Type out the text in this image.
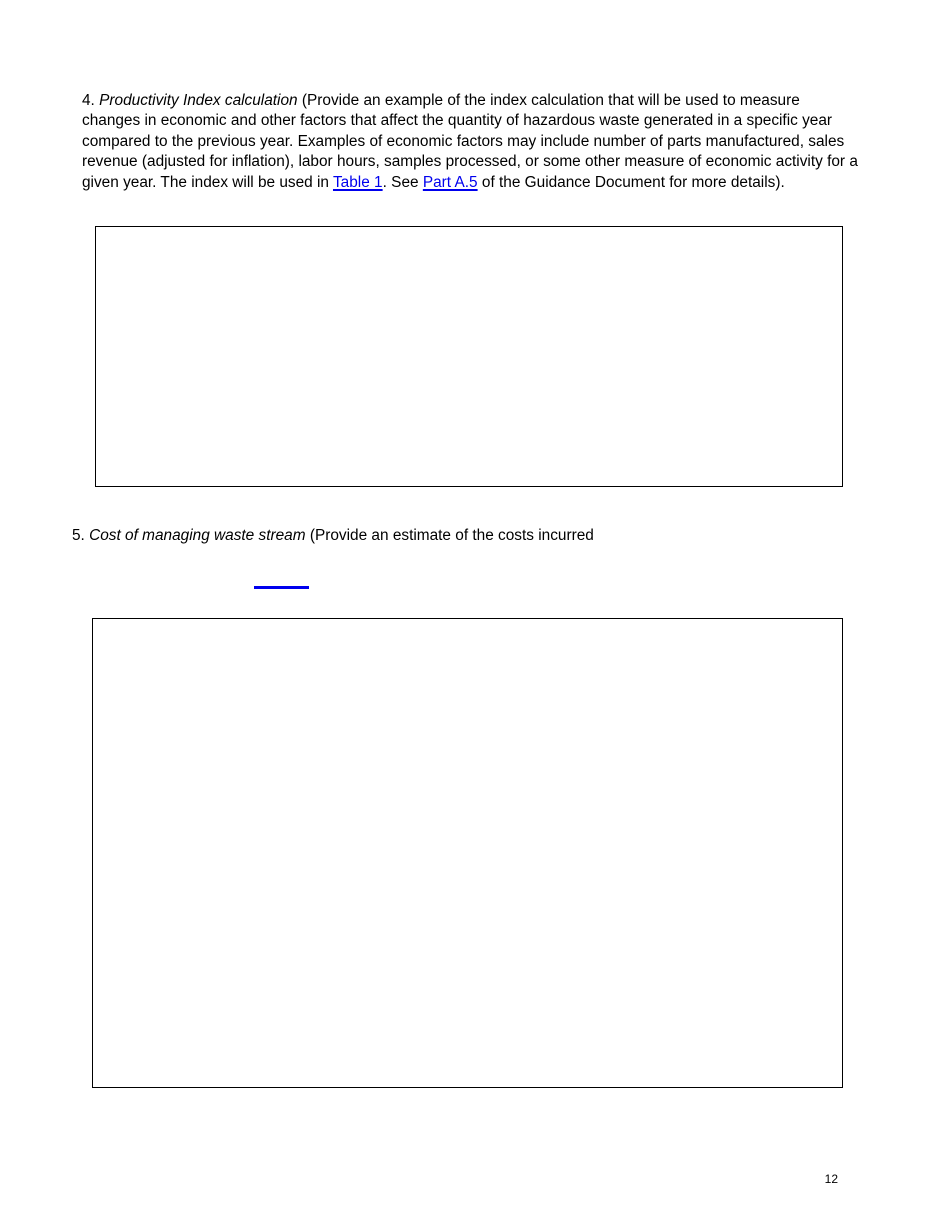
4. Productivity Index calculation (Provide an example of the index calculation that will be used to measure changes in economic and other factors that affect the quantity of hazardous waste generated in a specific year compared to the previous year. Examples of economic factors may include number of parts manufactured, sales revenue (adjusted for inflation), labor hours, samples processed, or some other measure of economic activity for a given year. The index will be used in Table 1. See Part A.5 of the Guidance Document for more details).

5. Cost of managing waste stream (Provide an estimate of the costs incurred

12
